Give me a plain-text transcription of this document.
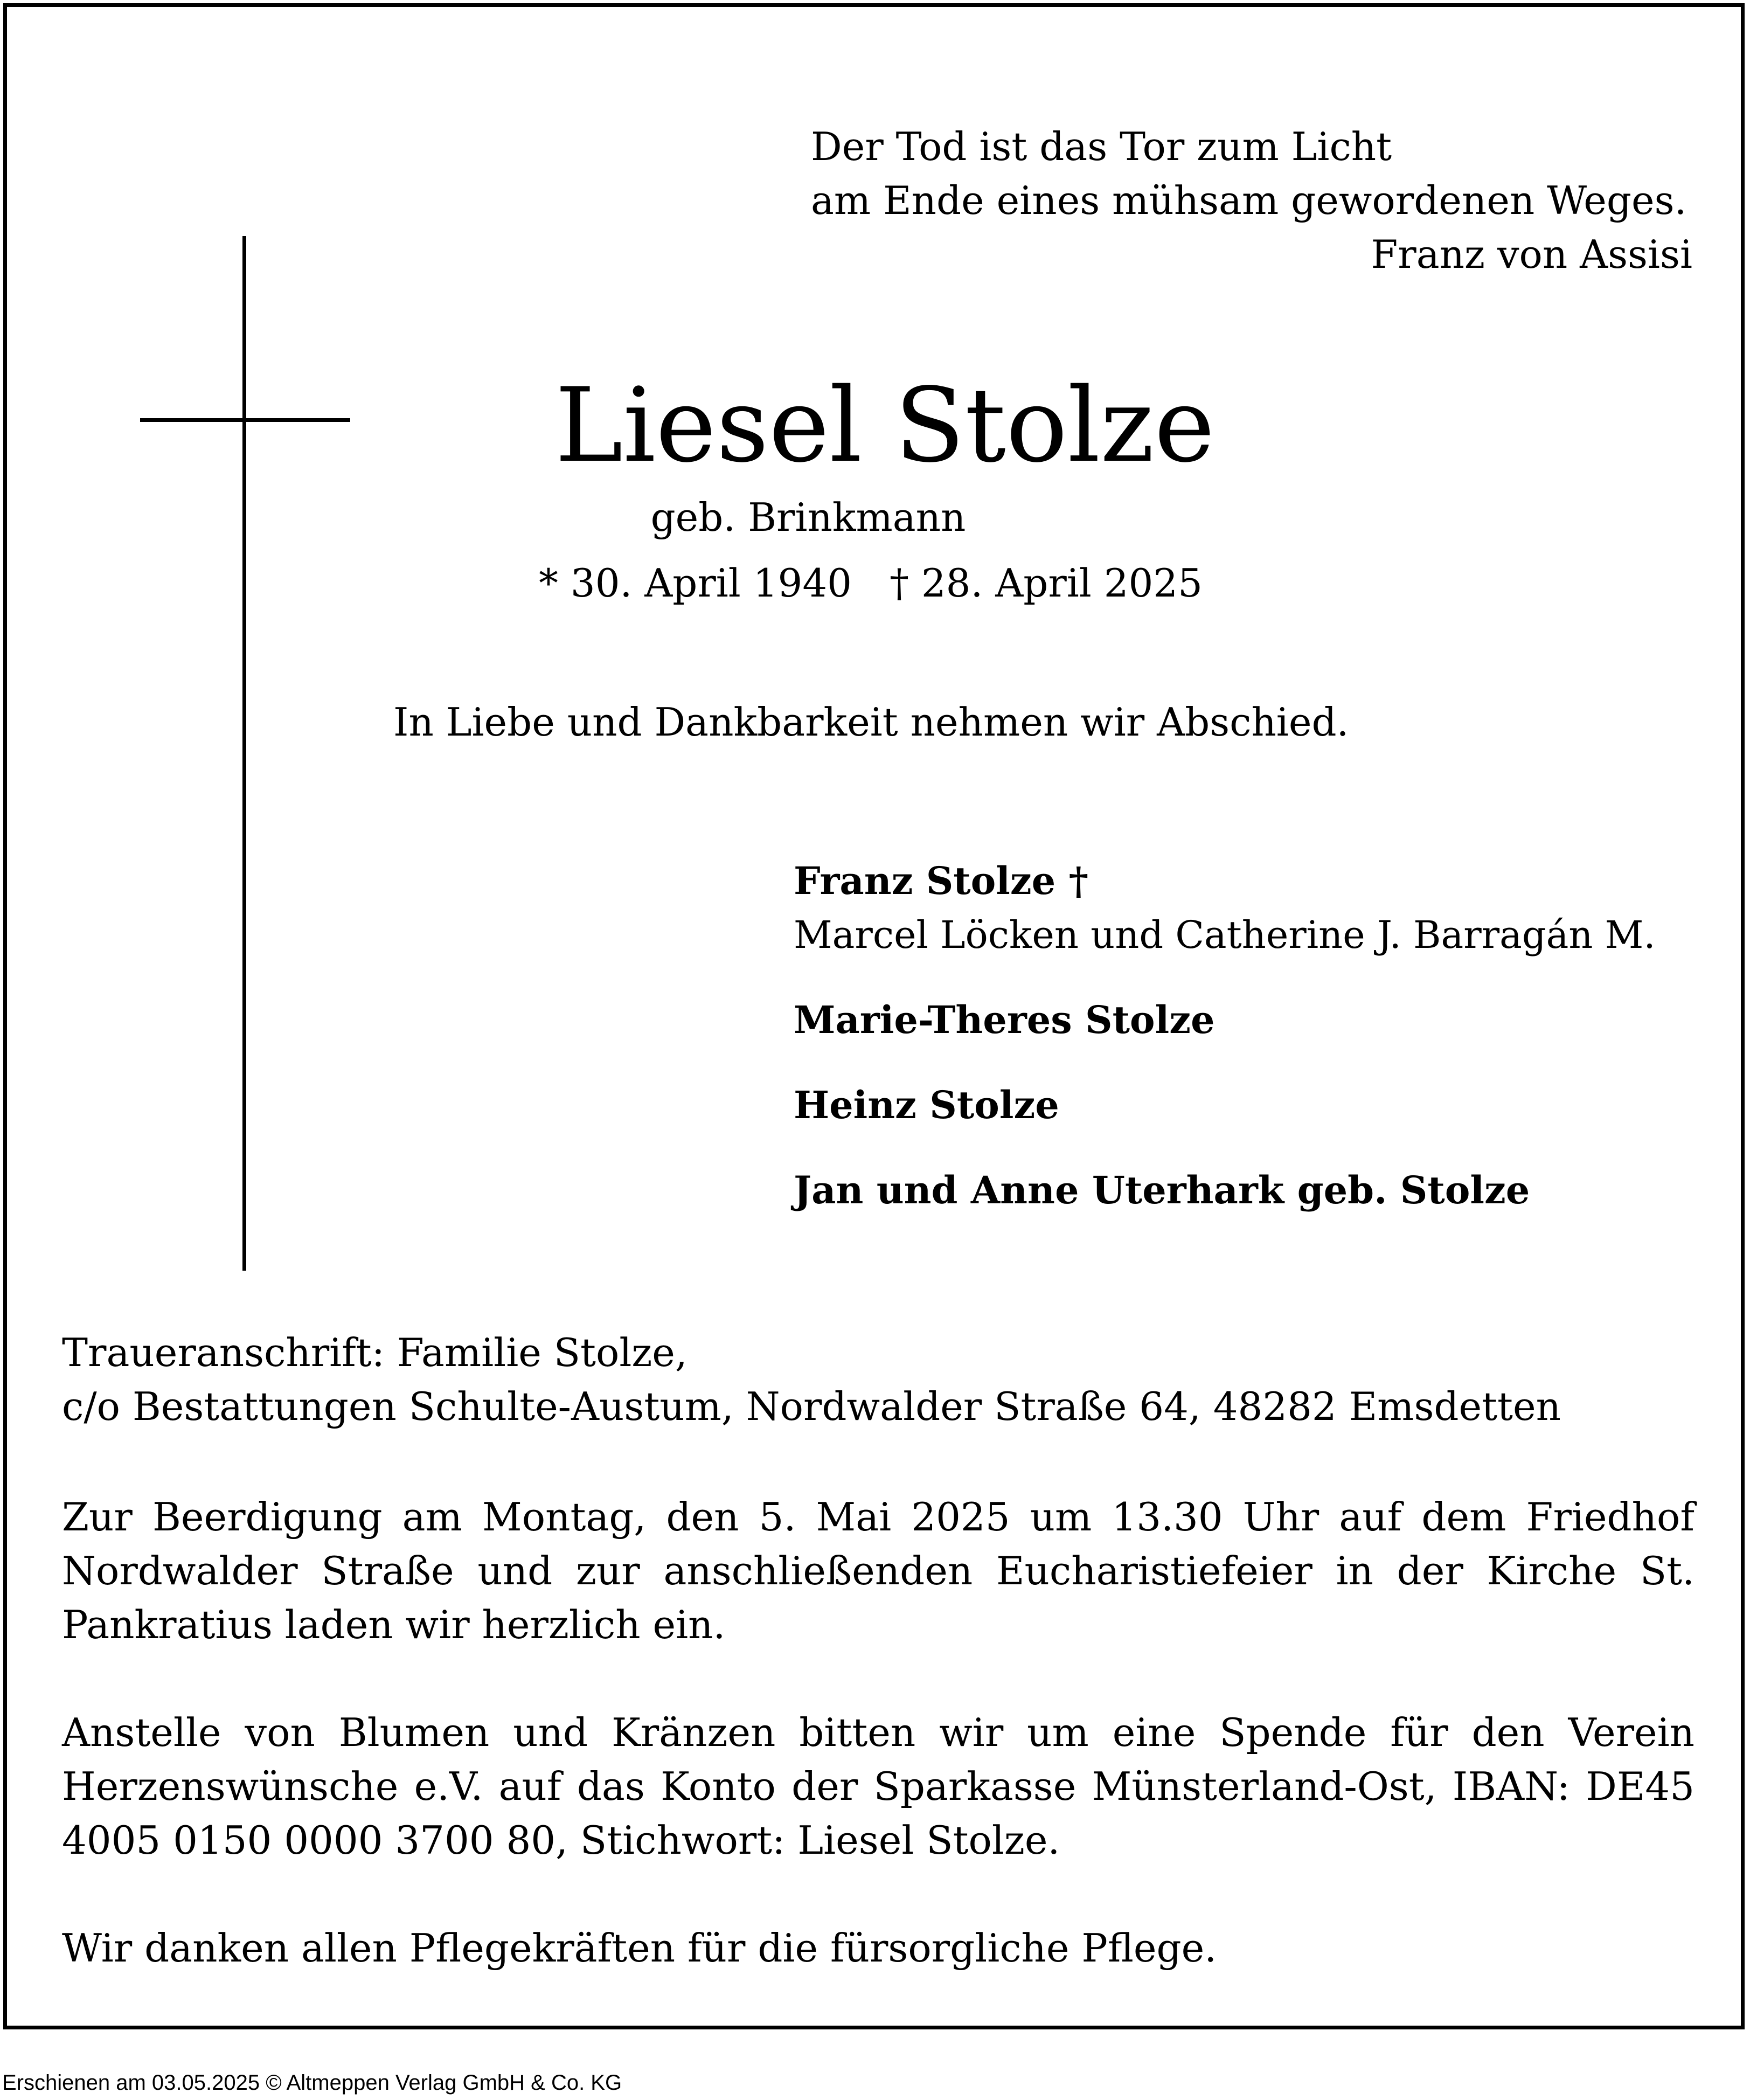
Der Tod ist das Tor zum Licht
am Ende eines mühsam gewordenen Weges.
Franz von Assisi
Liesel Stolze
geb. Brinkmann
* 30. April 1940 † 28. April 2025
In Liebe und Dankbarkeit nehmen wir Abschied.
Franz Stolze †
Marcel Löcken und Catherine J. Barragán M.
Marie-Theres Stolze
Heinz Stolze
Jan und Anne Uterhark geb. Stolze
Traueranschrift: Familie Stolze,
c/o Bestattungen Schulte-Austum, Nordwalder Straße 64, 48282 Emsdetten
Zur Beerdigung am Montag, den 5. Mai 2025 um 13.30 Uhr auf dem Friedhof Nordwalder Straße und zur anschließenden Eucharistiefeier in der Kirche St. Pankratius laden wir herzlich ein.
Anstelle von Blumen und Kränzen bitten wir um eine Spende für den Verein Herzenswünsche e.V. auf das Konto der Sparkasse Münsterland-Ost, IBAN: DE45 4005 0150 0000 3700 80, Stichwort: Liesel Stolze.
Wir danken allen Pflegekräften für die fürsorgliche Pflege.
Erschienen am 03.05.2025 © Altmeppen Verlag GmbH & Co. KG
